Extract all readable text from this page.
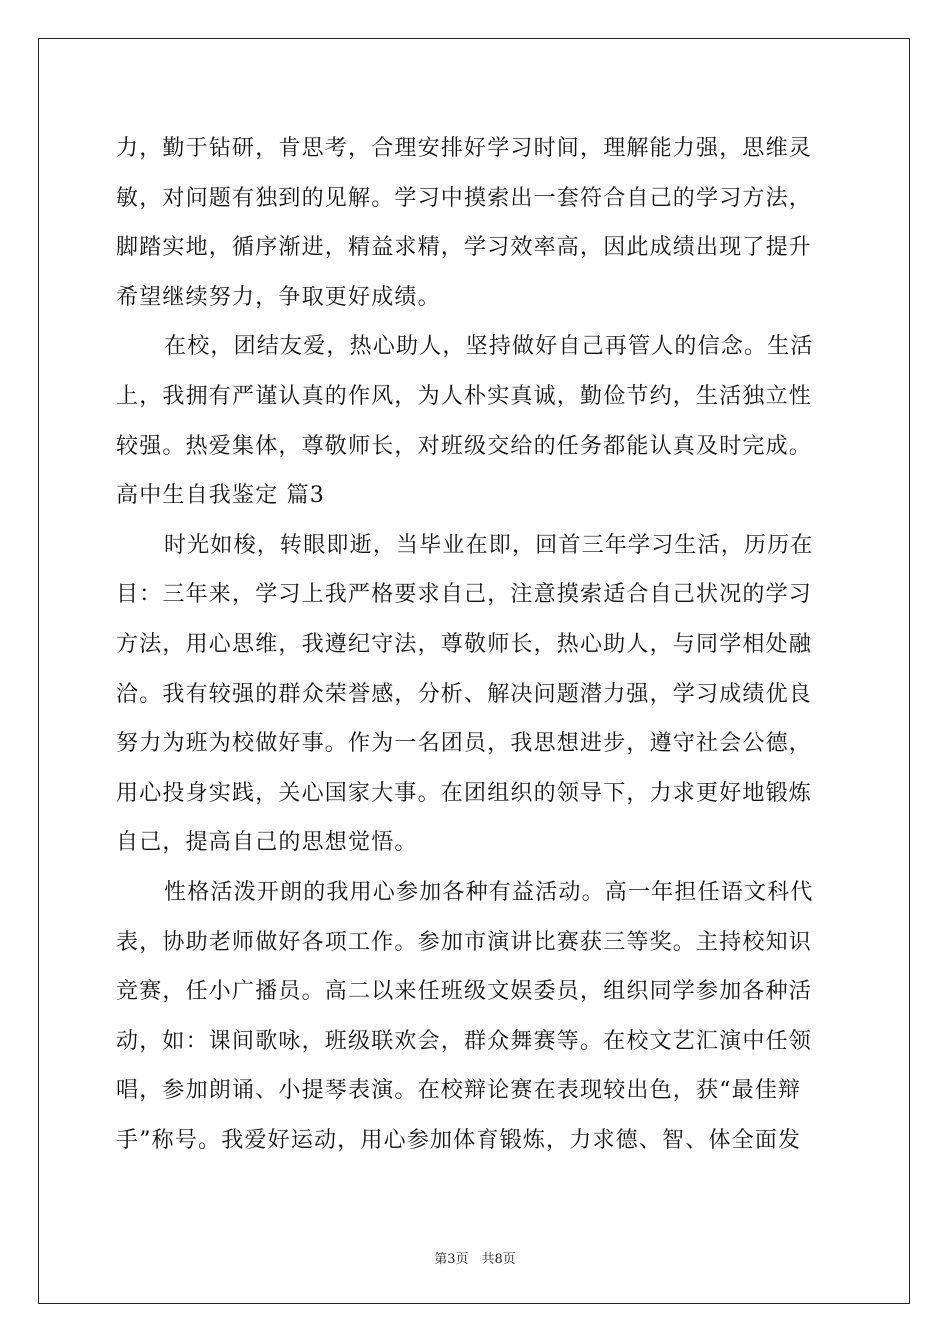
力，勤于钻研，肯思考，合理安排好学习时间，理解能力强，思维灵
敏，对问题有独到的见解。学习中摸索出一套符合自己的学习方法，
脚踏实地，循序渐进，精益求精，学习效率高，因此成绩出现了提升
希望继续努力，争取更好成绩。
在校，团结友爱，热心助人，坚持做好自己再管人的信念。生活
上，我拥有严谨认真的作风，为人朴实真诚，勤俭节约，生活独立性
较强。热爱集体，尊敬师长，对班级交给的任务都能认真及时完成。
高中生自我鉴定 篇3
时光如梭，转眼即逝，当毕业在即，回首三年学习生活，历历在
目：三年来，学习上我严格要求自己，注意摸索适合自己状况的学习
方法，用心思维，我遵纪守法，尊敬师长，热心助人，与同学相处融
洽。我有较强的群众荣誉感，分析、解决问题潜力强，学习成绩优良
努力为班为校做好事。作为一名团员，我思想进步，遵守社会公德，
用心投身实践，关心国家大事。在团组织的领导下，力求更好地锻炼
自己，提高自己的思想觉悟。
性格活泼开朗的我用心参加各种有益活动。高一年担任语文科代
表，协助老师做好各项工作。参加市演讲比赛获三等奖。主持校知识
竞赛，任小广播员。高二以来任班级文娱委员，组织同学参加各种活
动，如：课间歌咏，班级联欢会，群众舞赛等。在校文艺汇演中任领
唱，参加朗诵、小提琴表演。在校辩论赛在表现较出色，获“最佳辩
手”称号。我爱好运动，用心参加体育锻炼，力求德、智、体全面发
第3页　共8页
